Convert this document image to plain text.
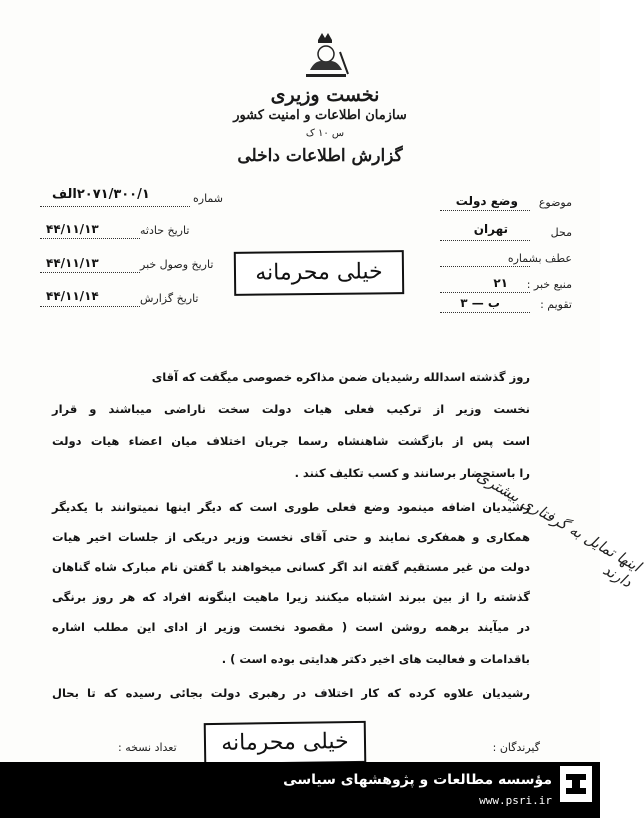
نخست وزیری
سازمان اطلاعات و امنیت کشور
س ۱۰ ک
گزارش اطلاعات داخلی
موضوع
وضع دولت
محل
تهران
عطف بشماره
منبع خبر :
۲۱
تقویم :
ب — ۳
شماره
۲۰۷۱/۳۰۰/۱الف
تاریخ حادثه
۴۴/۱۱/۱۳
تاریخ وصول خبر
۴۴/۱۱/۱۳
تاریخ گزارش
۴۴/۱۱/۱۴
خیلی محرمانه
روز گذشته اسدالله رشیدیان ضمن مذاکره خصوصی میگفت که آقای
نخست وزیر از ترکیب فعلی هیات دولت سخت ناراضی میباشند و قرار
است پس از بازگشت شاهنشاه رسما جریان اختلاف میان اعضاء هیات دولت
را باستحضار برسانند و کسب تکلیف کنند .
رشیدیان اضافه مینمود وضع فعلی طوری است که دیگر اینها نمیتوانند با یکدیگر
همکاری و همفکری نمایند و حتی آقای نخست وزیر دریکی از جلسات اخیر هیات
دولت من غیر مستقیم گفته اند اگر کسانی میخواهند با گفتن نام مبارک شاه گناهان
گذشته را از بین ببرند اشتباه میکنند زیرا ماهیت اینگونه افراد که هر روز برنگی
در میآیند برهمه روشن است ( مقصود نخست وزیر از ادای این مطلب اشاره
باقدامات و فعالیت های اخیر دکتر هدایتی بوده است ) .
رشیدیان علاوه کرده که کار اختلاف در رهبری دولت بجائی رسیده که تا بحال
اینها تمایل به گرفتاری بیشتری دارند
خیلی محرمانه	گیرندگان :
تعداد نسخه :
مؤسسه مطالعات و پژوهشهای سیاسی
www.psri.ir
